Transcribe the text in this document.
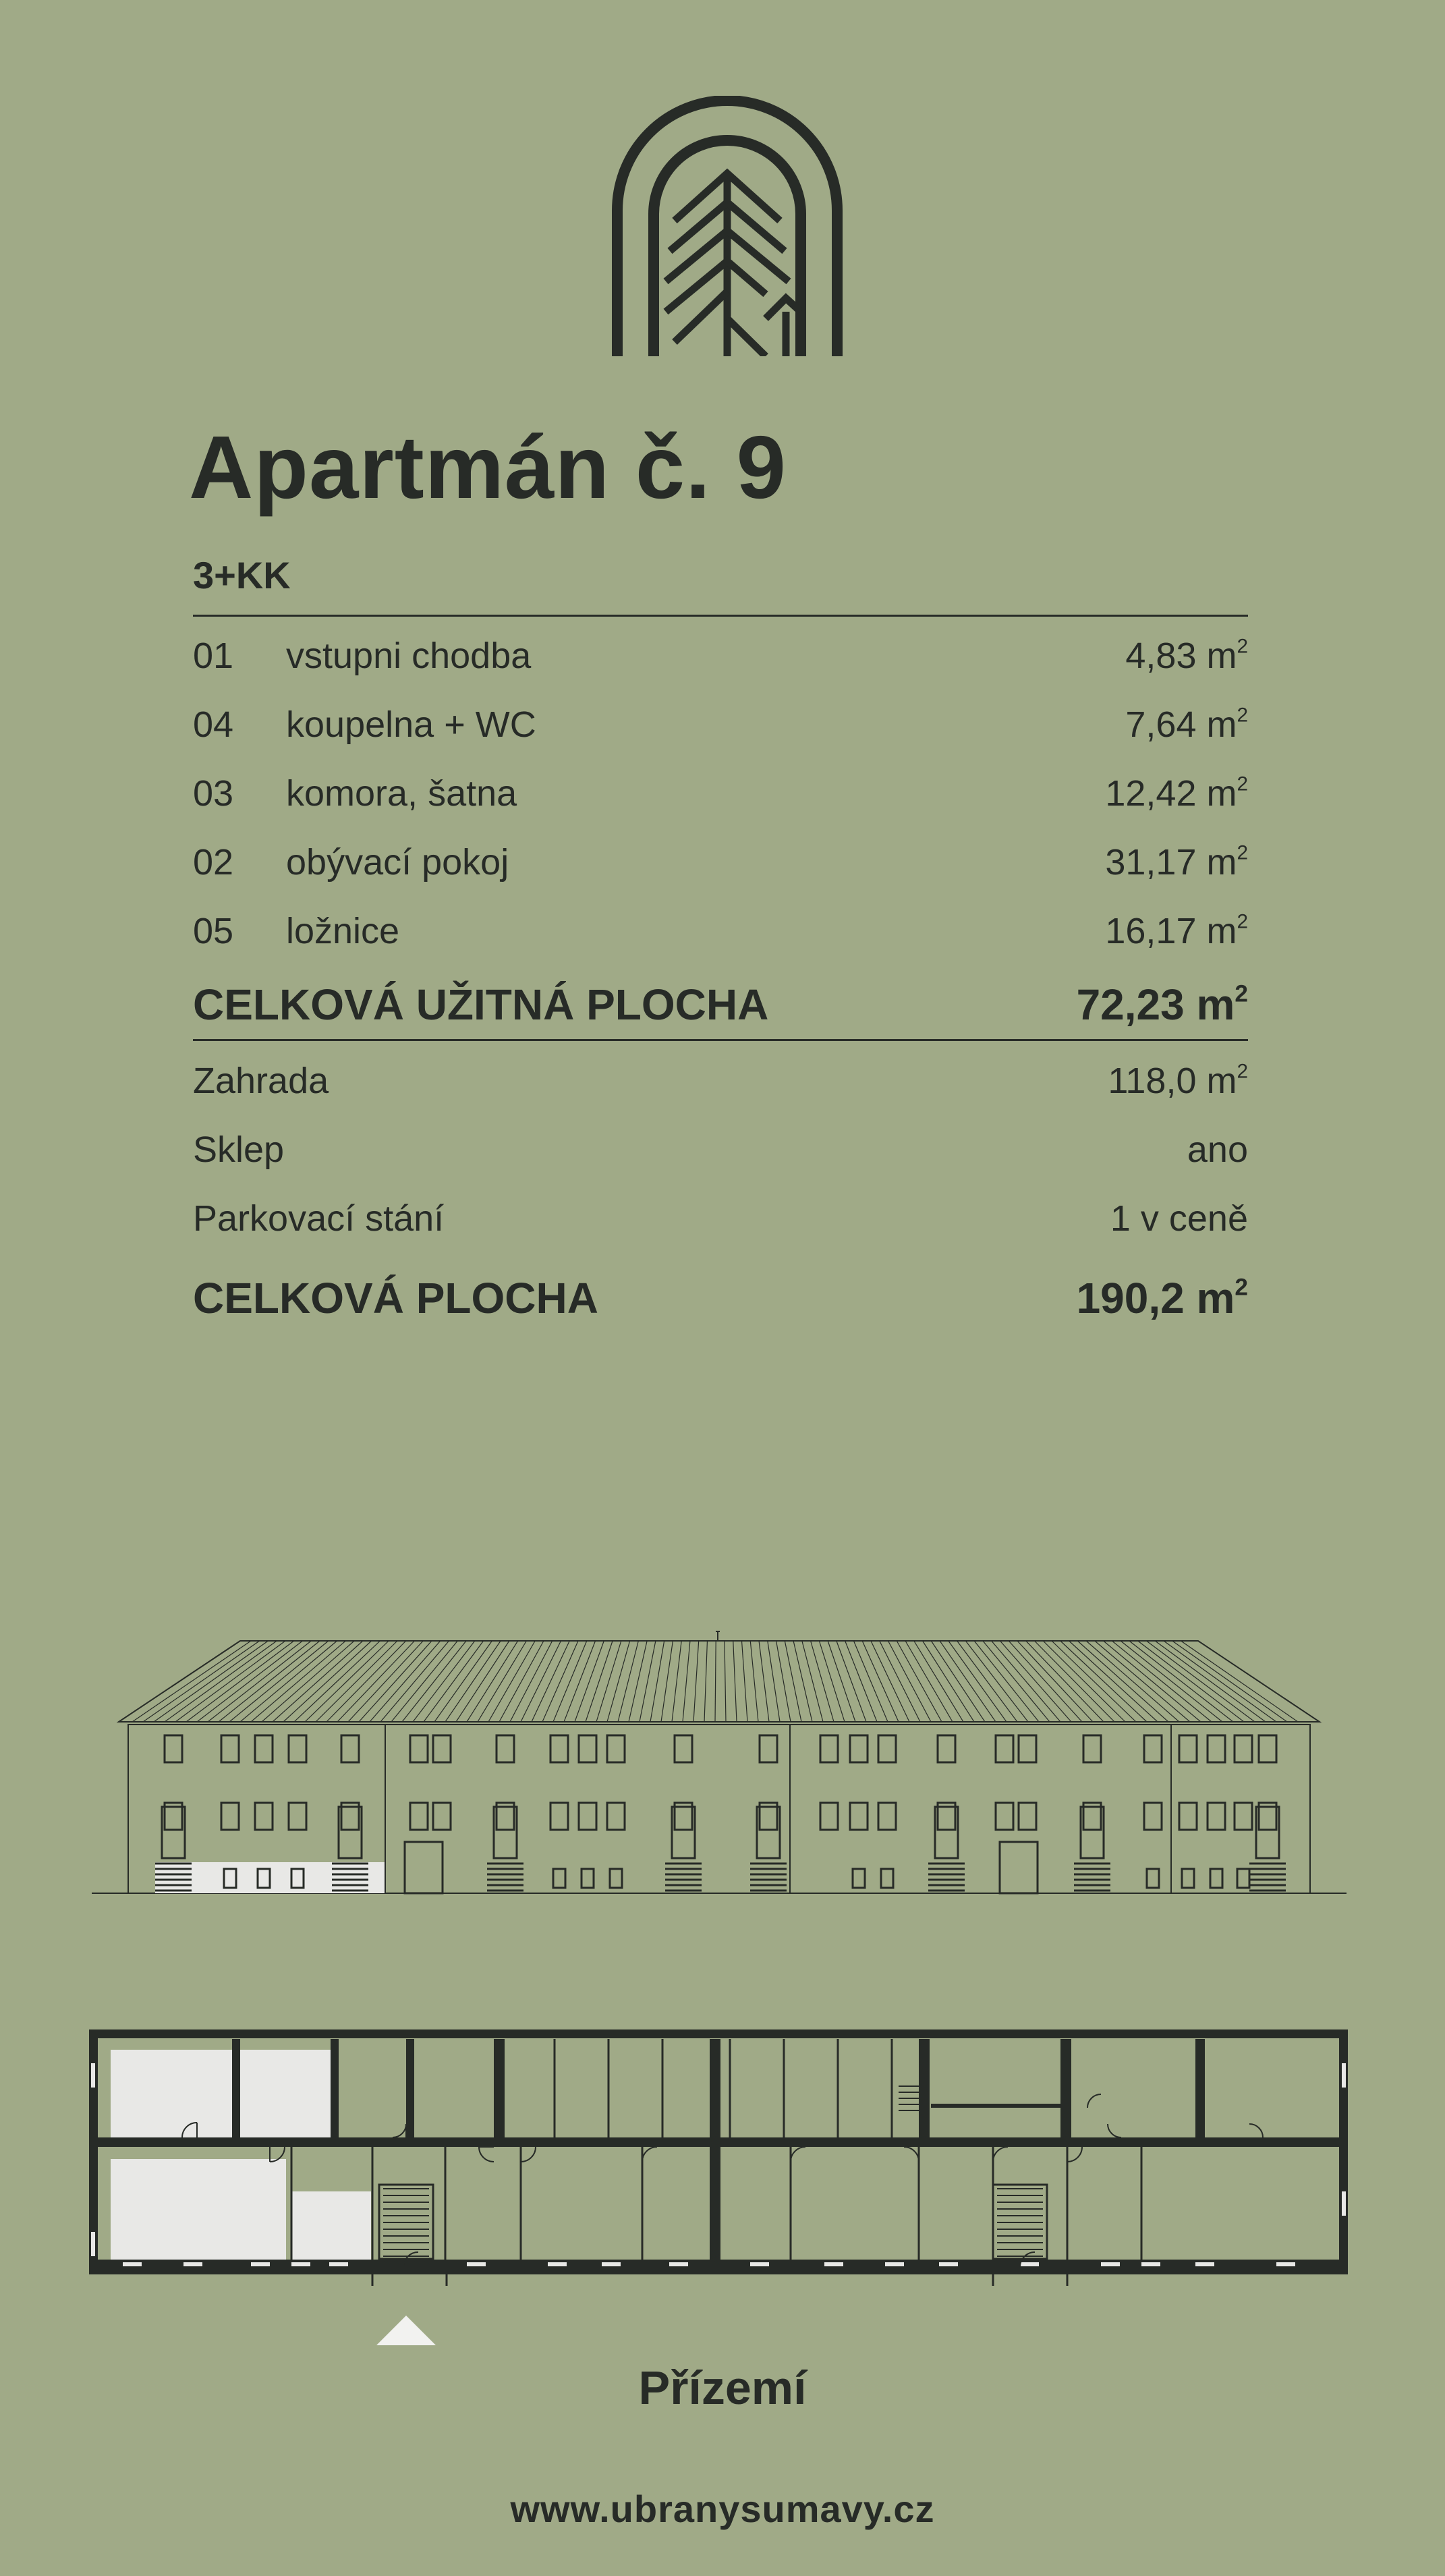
Apartmán č. 9
3+KK
01	vstupni chodba	4,83 $m^2$
04	koupelna + WC	7,64 $m^2$
03	komora, šatna	12,42 $m^2$
02	obývací pokoj	31,17 $m^2$
05	ložnice	16,17 $m^2$
CELKOVÁ UŽITNÁ PLOCHA	72,23 $m^2$
Zahrada	118,0 $m^2$
Sklep	ano
Parkovací stání	1 v ceně
CELKOVÁ PLOCHA	190,2 $m^2$
Přízemí
www.ubranysumavy.cz
